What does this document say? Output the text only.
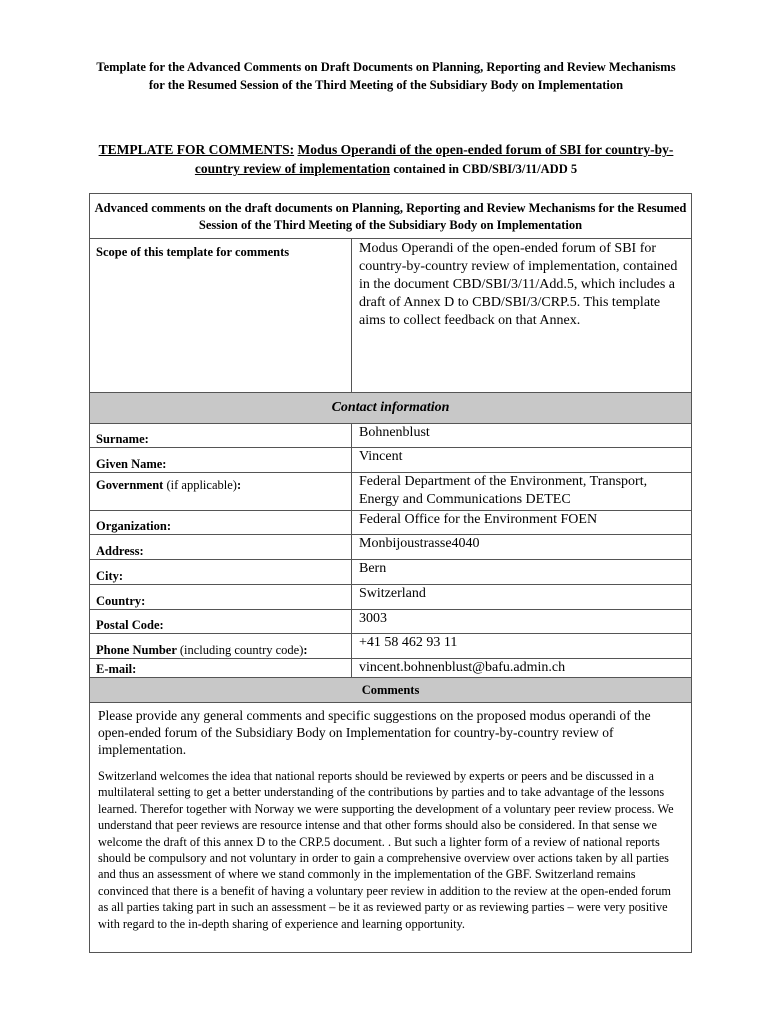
Template for the Advanced Comments on Draft Documents on Planning, Reporting and Review Mechanisms for the Resumed Session of the Third Meeting of the Subsidiary Body on Implementation
TEMPLATE FOR COMMENTS: Modus Operandi of the open-ended forum of SBI for country-by-country review of implementation contained in CBD/SBI/3/11/ADD 5
Advanced comments on the draft documents on Planning, Reporting and Review Mechanisms for the Resumed Session of the Third Meeting of the Subsidiary Body on Implementation	
Scope of this template for comments	Modus Operandi of the open-ended forum of SBI for country-by-country review of implementation, contained in the document CBD/SBI/3/11/Add.5, which includes a draft of Annex D to CBD/SBI/3/CRP.5. This template aims to collect feedback on that Annex.
Contact information	
Surname:	Bohnenblust
Given Name:	Vincent
Government (if applicable):	Federal Department of the Environment, Transport, Energy and Communications DETEC
Organization:	Federal Office for the Environment FOEN
Address:	Monbijoustrasse4040
City:	Bern
Country:	Switzerland
Postal Code:	3003
Phone Number (including country code):	+41 58 462 93 11
E-mail:	vincent.bohnenblust@bafu.admin.ch
Comments	

Please provide any general comments and specific suggestions on the proposed modus operandi of the open-ended forum of the Subsidiary Body on Implementation for country-by-country review of implementation.

Switzerland welcomes the idea that national reports should be reviewed by experts or peers and be discussed in a multilateral setting to get a better understanding of the contributions by parties and to take advantage of the lessons learned. Therefor together with Norway we were supporting the development of a voluntary peer review process. We understand that peer reviews are resource intense and that other forms should also be considered. In that sense we welcome the draft of this annex D to the CRP.5 document. . But such a lighter form of a review of national reports should be compulsory and not voluntary in order to gain a comprehensive overview over actions taken by all parties and thus an assessment of where we stand commonly in the implementation of the GBF. Switzerland remains convinced that there is a benefit of having a voluntary peer review in addition to the review at the open-ended forum as all parties taking part in such an assessment – be it as reviewed party or as reviewing parties – were very positive with regard to the in-depth sharing of experience and learning opportunity.	
